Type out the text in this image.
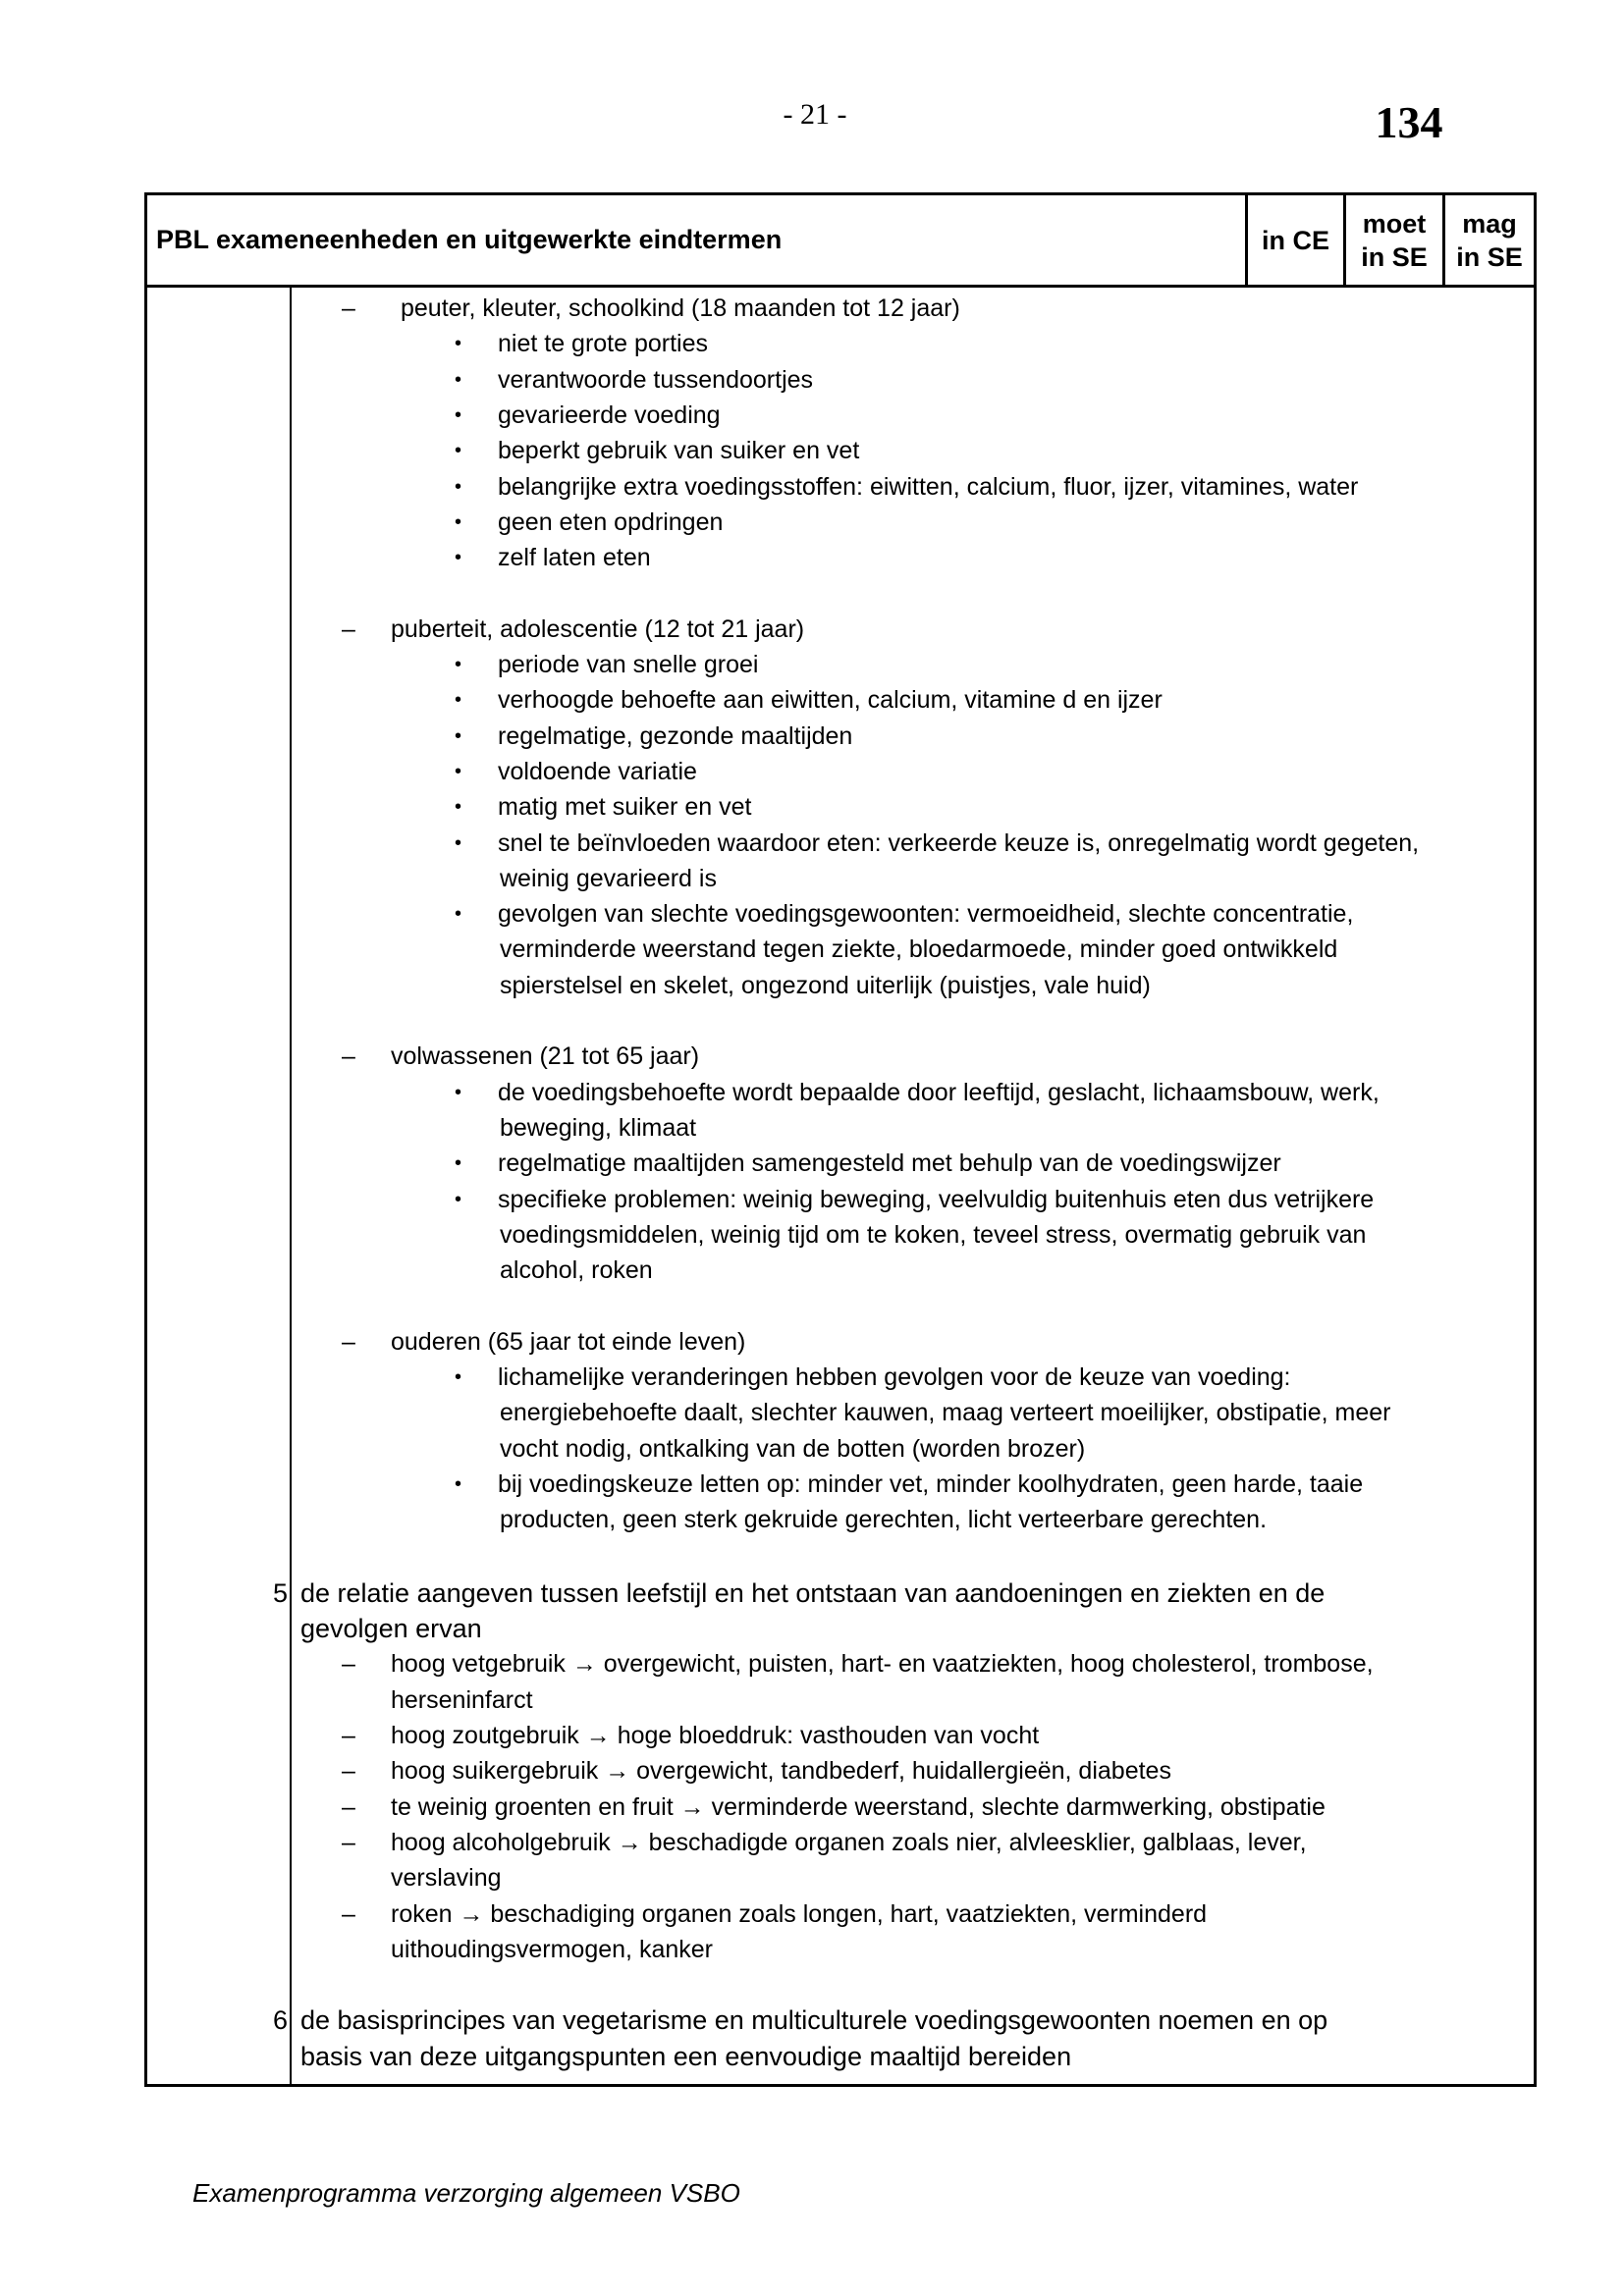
- 21 -	134
PBL exameneenheden en uitgewerkte eindtermen	in CE
moet
in SE
mag
in SE
– peuter, kleuter, schoolkind (18 maanden tot 12 jaar)
• niet te grote porties
• verantwoorde tussendoortjes
• gevarieerde voeding
• beperkt gebruik van suiker en vet
• belangrijke extra voedingsstoffen: eiwitten, calcium, fluor, ijzer, vitamines, water
• geen eten opdringen
• zelf laten eten
– puberteit, adolescentie (12 tot 21 jaar)
• periode van snelle groei
• verhoogde behoefte aan eiwitten, calcium, vitamine d en ijzer
• regelmatige, gezonde maaltijden
• voldoende variatie
• matig met suiker en vet
• snel te beïnvloeden waardoor eten: verkeerde keuze is, onregelmatig wordt gegeten,
weinig gevarieerd is
• gevolgen van slechte voedingsgewoonten: vermoeidheid, slechte concentratie,
verminderde weerstand tegen ziekte, bloedarmoede, minder goed ontwikkeld
spierstelsel en skelet, ongezond uiterlijk (puistjes, vale huid)
– volwassenen (21 tot 65 jaar)
• de voedingsbehoefte wordt bepaalde door leeftijd, geslacht, lichaamsbouw, werk,
beweging, klimaat
• regelmatige maaltijden samengesteld met behulp van de voedingswijzer
• specifieke problemen: weinig beweging, veelvuldig buitenhuis eten dus vetrijkere
voedingsmiddelen, weinig tijd om te koken, teveel stress, overmatig gebruik van
alcohol, roken
– ouderen (65 jaar tot einde leven)
• lichamelijke veranderingen hebben gevolgen voor de keuze van voeding:
energiebehoefte daalt, slechter kauwen, maag verteert moeilijker, obstipatie, meer
vocht nodig, ontkalking van de botten (worden brozer)
• bij voedingskeuze letten op: minder vet, minder koolhydraten, geen harde, taaie
producten, geen sterk gekruide gerechten, licht verteerbare gerechten.
5 de relatie aangeven tussen leefstijl en het ontstaan van aandoeningen en ziekten en de
gevolgen ervan
– hoog vetgebruik → overgewicht, puisten, hart- en vaatziekten, hoog cholesterol, trombose,
herseninfarct
– hoog zoutgebruik → hoge bloeddruk: vasthouden van vocht
– hoog suikergebruik → overgewicht, tandbederf, huidallergieën, diabetes
– te weinig groenten en fruit → verminderde weerstand, slechte darmwerking, obstipatie
– hoog alcoholgebruik → beschadigde organen zoals nier, alvleesklier, galblaas, lever,
verslaving
– roken → beschadiging organen zoals longen, hart, vaatziekten, verminderd
uithoudingsvermogen, kanker
6 de basisprincipes van vegetarisme en multiculturele voedingsgewoonten noemen en op
basis van deze uitgangspunten een eenvoudige maaltijd bereiden
Examenprogramma verzorging algemeen VSBO
